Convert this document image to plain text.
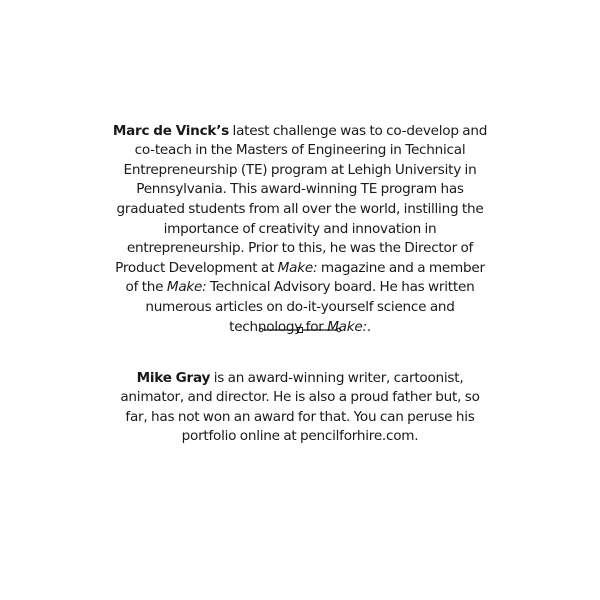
Marc de Vinck’s latest challenge was to co-develop and co-teach in the Masters of Engineering in Technical Entrepreneurship (TE) program at Lehigh University in Pennsylvania. This award-winning TE program has graduated students from all over the world, instilling the importance of creativity and innovation in entrepreneurship. Prior to this, he was the Director of Product Development at Make: magazine and a member of the Make: Technical Advisory board. He has written numerous articles on do-it-yourself science and technology for Make:.

Mike Gray is an award-winning writer, cartoonist, animator, and director. He is also a proud father but, so far, has not won an award for that. You can peruse his portfolio online at pencilforhire.com.
